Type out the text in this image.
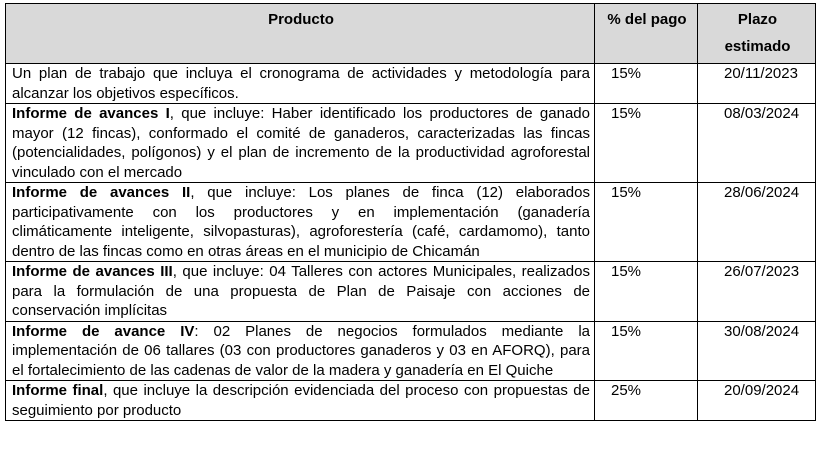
Producto	% del pago	Plazo estimado
Un plan de trabajo que incluya el cronograma de actividades y metodología para alcanzar los objetivos específicos.	15%	20/11/2023
Informe de avances I, que incluye: Haber identificado los productores de ganado mayor (12 fincas), conformado el comité de ganaderos, caracterizadas las fincas (potencialidades, polígonos) y el plan de incremento de la productividad agroforestal vinculado con el mercado	15%	08/03/2024
Informe de avances II, que incluye: Los planes de finca (12) elaborados participativamente con los productores y en implementación (ganadería climáticamente inteligente, silvopasturas), agroforestería (café, cardamomo), tanto dentro de las fincas como en otras áreas en el municipio de Chicamán	15%	28/06/2024
Informe de avances III, que incluye: 04 Talleres con actores Municipales, realizados para la formulación de una propuesta de Plan de Paisaje con acciones de conservación implícitas	15%	26/07/2023
Informe de avance IV: 02 Planes de negocios formulados mediante la implementación de 06 tallares (03 con productores ganaderos y 03 en AFORQ), para el fortalecimiento de las cadenas de valor de la madera y ganadería en El Quiche	15%	30/08/2024
Informe final, que incluye la descripción evidenciada del proceso con propuestas de seguimiento por producto	25%	20/09/2024
